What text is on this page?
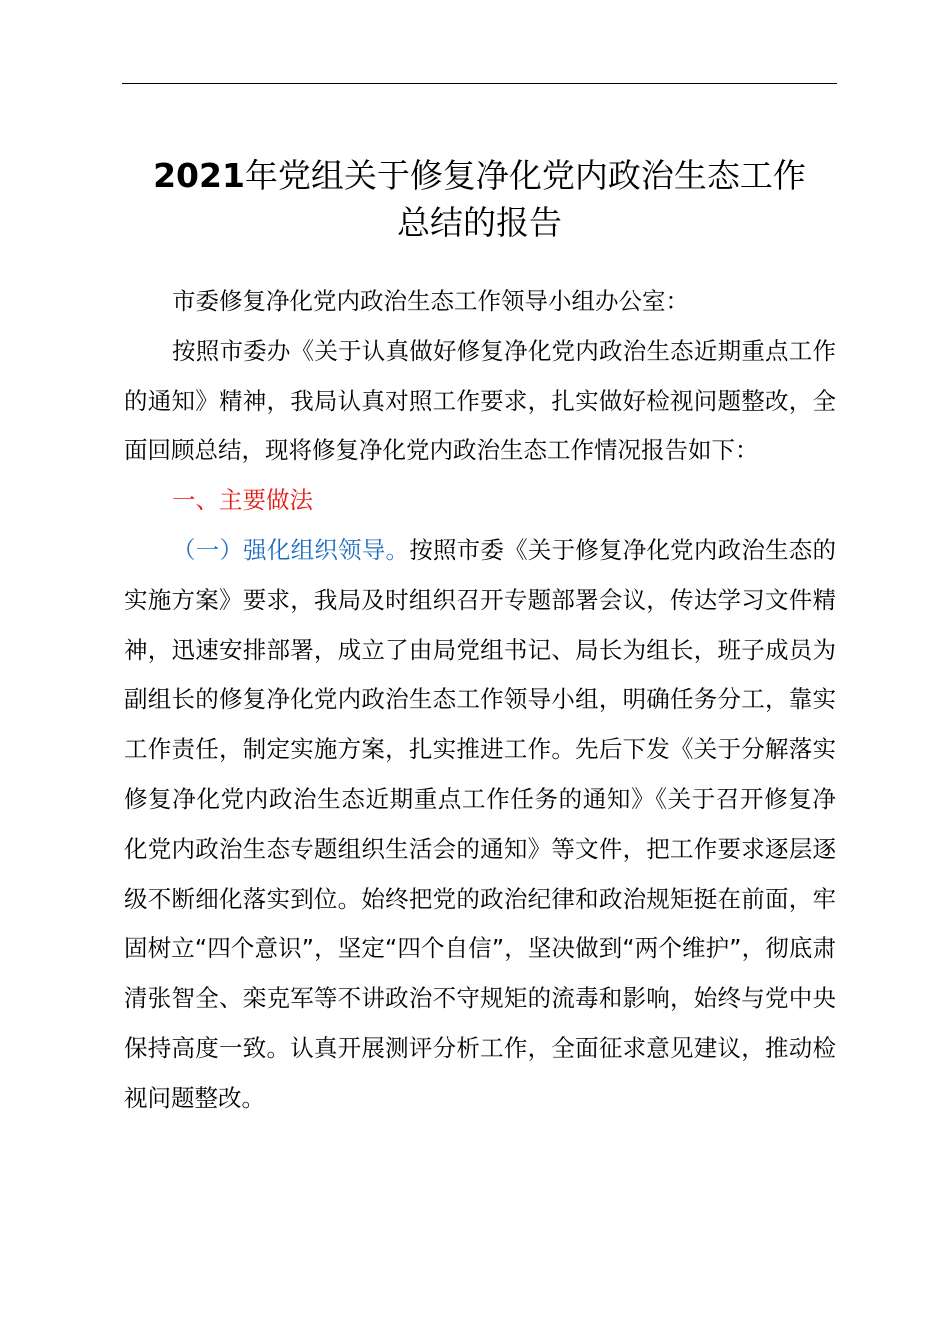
2021年党组关于修复净化党内政治生态工作
总结的报告

市委修复净化党内政治生态工作领导小组办公室：

按照市委办《关于认真做好修复净化党内政治生态近期重点工作的通知》精神，我局认真对照工作要求，扎实做好检视问题整改，全面回顾总结，现将修复净化党内政治生态工作情况报告如下：

一、主要做法

（一）强化组织领导。按照市委《关于修复净化党内政治生态的实施方案》要求，我局及时组织召开专题部署会议，传达学习文件精神，迅速安排部署，成立了由局党组书记、局长为组长，班子成员为副组长的修复净化党内政治生态工作领导小组，明确任务分工，靠实工作责任，制定实施方案，扎实推进工作。先后下发《关于分解落实修复净化党内政治生态近期重点工作任务的通知》《关于召开修复净化党内政治生态专题组织生活会的通知》等文件，把工作要求逐层逐级不断细化落实到位。始终把党的政治纪律和政治规矩挺在前面，牢固树立“四个意识”，坚定“四个自信”，坚决做到“两个维护”，彻底肃清张智全、栾克军等不讲政治不守规矩的流毒和影响，始终与党中央保持高度一致。认真开展测评分析工作，全面征求意见建议，推动检视问题整改。
